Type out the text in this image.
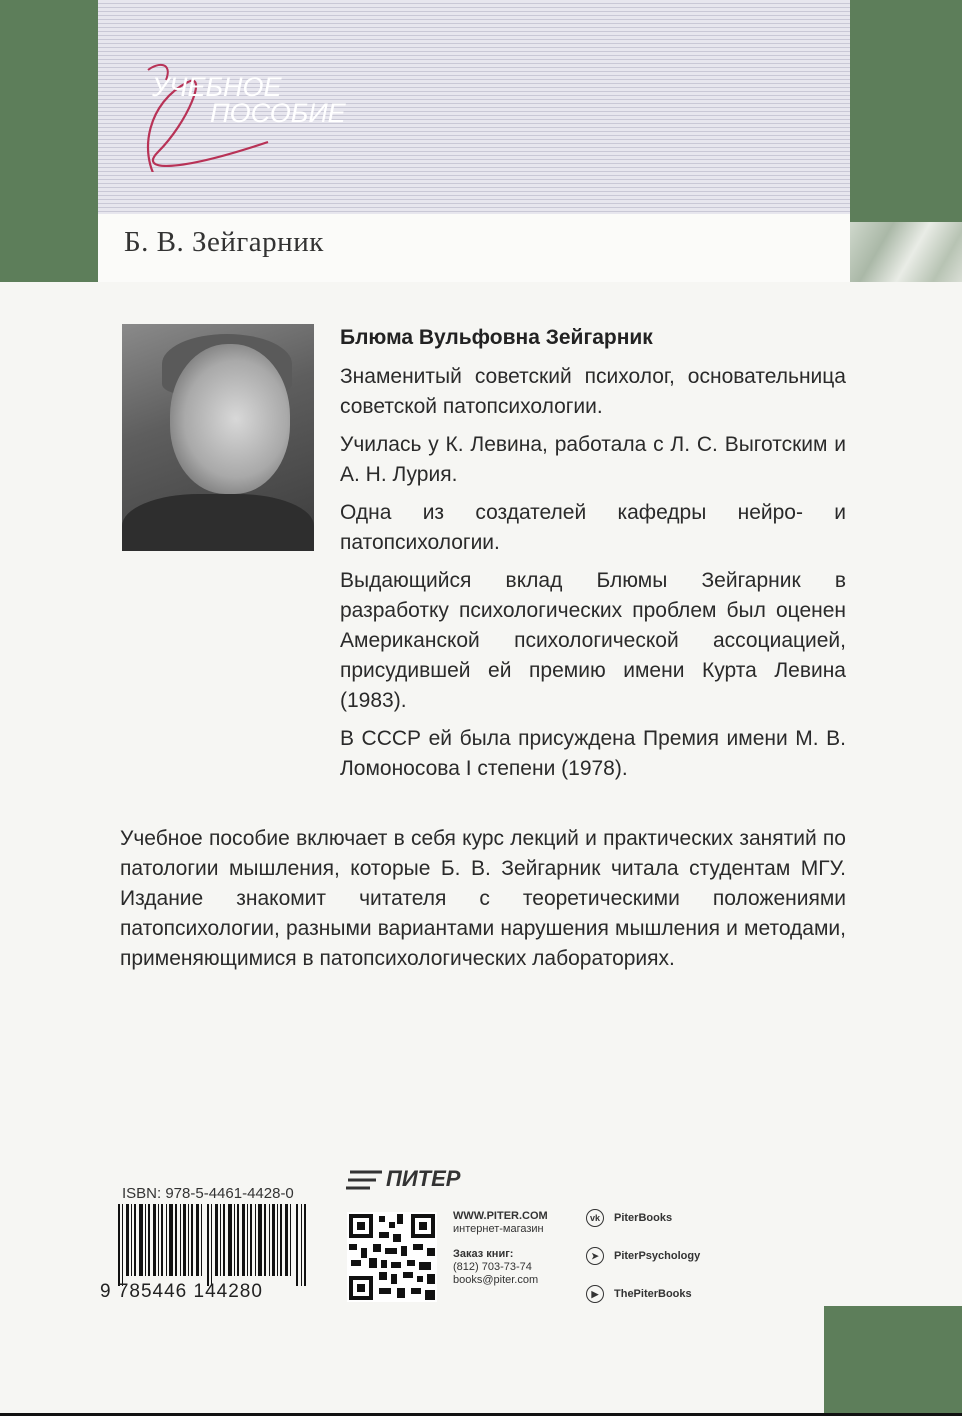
УЧЕБНОЕ
ПОСОБИЕ
Б. В. Зейгарник
Блюма Вульфовна Зейгарник

Знаменитый советский психолог, основательница советской патопсихологии.

Училась у К. Левина, работала с Л. С. Выготским и А. Н. Лурия.

Одна из создателей кафедры нейро- и патопсихологии.

Выдающийся вклад Блюмы Зейгарник в разработку психологических проблем был оценен Американской психологической ассоциацией, присудившей ей премию имени Курта Левина (1983).

В СССР ей была присуждена Премия имени М. В. Ломоносова I степени (1978).

Учебное пособие включает в себя курс лекций и практических занятий по патологии мышления, которые Б. В. Зейгарник читала студентам МГУ. Издание знакомит читателя с теоретическими положениями патопсихологии, разными вариантами нарушения мышления и методами, применяющимися в патопсихологических лабораториях.

ISBN: 978-5-4461-4428-0
9 785446 144280
ПИТЕР
WWW.PITER.COM
интернет-магазин
Заказ книг:
(812) 703-73-74
books@piter.com
vk PiterBooks
➤ PiterPsychology
▶ ThePiterBooks
